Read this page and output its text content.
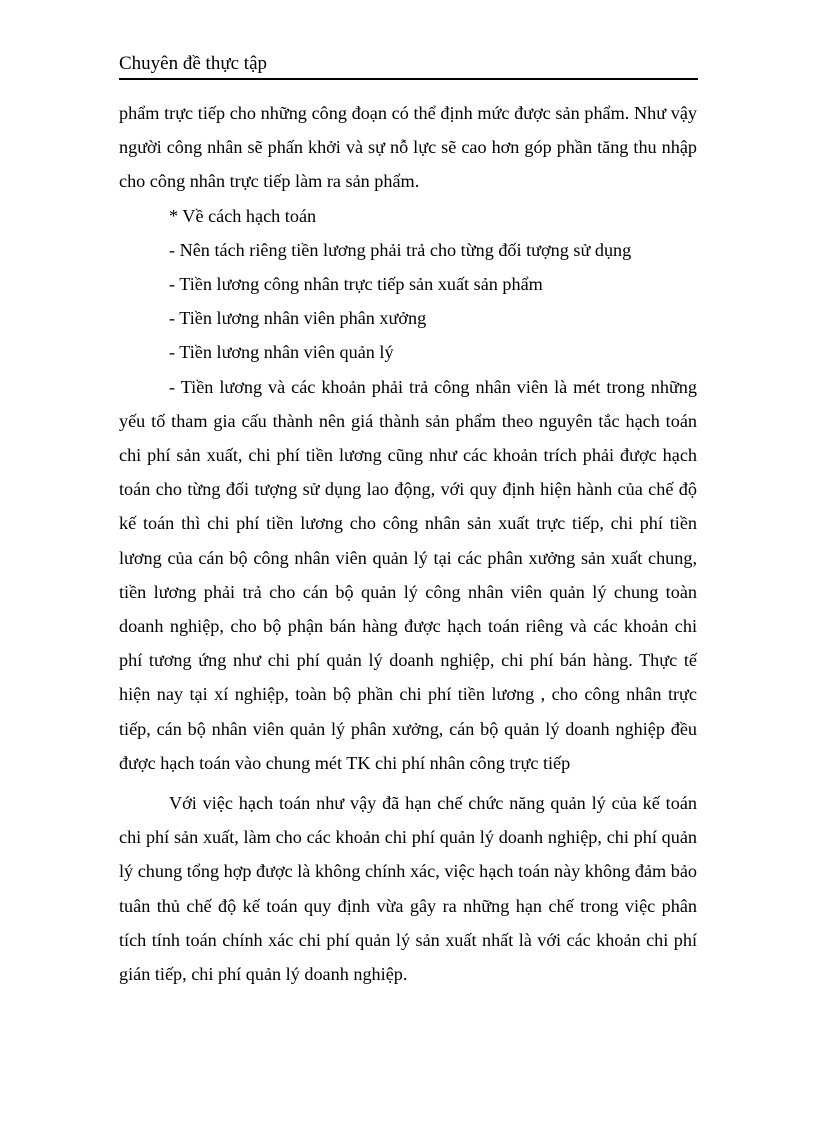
Chuyên đề thực tập

phẩm trực tiếp cho những công đoạn có thể định mức được sản phẩm. Như vậy người công nhân sẽ phấn khởi và sự nỗ lực sẽ cao hơn góp phần tăng thu nhập cho công nhân trực tiếp làm ra sản phẩm.

* Về cách hạch toán

- Nên tách riêng tiền lương phải trả cho từng đối tượng sử dụng

- Tiền lương công nhân trực tiếp sản xuất sản phẩm

- Tiền lương nhân viên phân xưởng

- Tiền lương nhân viên quản lý

- Tiền lương và các khoản phải trả công nhân viên là mét trong những yếu tố tham gia cấu thành nên giá thành sản phẩm theo nguyên tắc hạch toán chi phí sản xuất, chi phí tiền lương cũng như các khoản trích phải được hạch toán cho từng đối tượng sử dụng lao động, với quy định hiện hành của chế độ kế toán thì chi phí tiền lương cho công nhân sản xuất trực tiếp, chi phí tiền lương của cán bộ công nhân viên quản lý tại các phân xưởng sản xuất chung, tiền lương phải trả cho cán bộ quản lý công nhân viên quản lý chung toàn doanh nghiệp, cho bộ phận bán hàng được hạch toán riêng và các khoản chi phí tương ứng như chi phí quản lý doanh nghiệp, chi phí bán hàng. Thực tế hiện nay tại xí nghiệp, toàn bộ phần chi phí tiền lương , cho công nhân trực tiếp, cán bộ nhân viên quản lý phân xưởng, cán bộ quản lý doanh nghiệp đều được hạch toán vào chung mét TK chi phí nhân công trực tiếp

Với việc hạch toán như vậy đã hạn chế chức năng quản lý của kế toán chi phí sản xuất, làm cho các khoản chi phí quản lý doanh nghiệp, chi phí quản lý chung tổng hợp được là không chính xác, việc hạch toán này không đảm bảo tuân thủ chế độ kế toán quy định vừa gây ra những hạn chế trong việc phân tích tính toán chính xác chi phí quản lý sản xuất nhất là với các khoản chi phí gián tiếp, chi phí quản lý doanh nghiệp.
